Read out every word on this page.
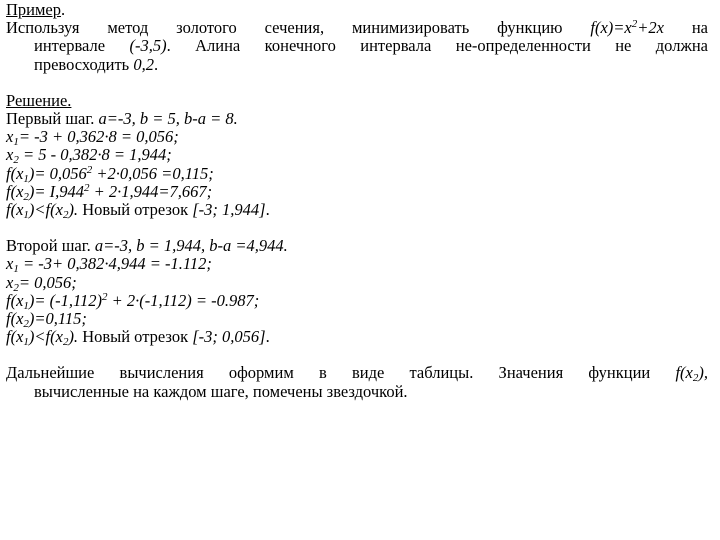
Пример.
Используя метод золотого сечения, минимизировать функцию $f(x)=x^2+2x$ на
интервале (-3,5). Алина конечного интервала не-определенности не должна
превосходить 0,2.
Решение.
Первый шаг. a=-3, b = 5, b-a = 8.
$x_1= -3 + 0,362\cdot 8 = 0,056$;
$x_2 = 5 - 0,382\cdot 8 = 1,944$;
$f(x_1)= 0,056^2 +2\cdot 0,056 =0,115$;
$f(x_2)= I,944^2 + 2\cdot 1,944=7,667$;
$f(x_1)<f(x_2)$. Новый отрезок [-3; 1,944].
Второй шаг. a=-3, b = 1,944, b-a =4,944.
$x_1 = -3+ 0,382\cdot 4,944 = -1.112$;
$x_2= 0,056$;
$f(x_1)= (-1,112)^2 + 2\cdot(-1,112) = -0.987$;
$f(x_2)=0,115$;
$f(x_1)<f(x_2)$. Новый отрезок [-3; 0,056].
Дальнейшие вычисления оформим в виде таблицы. Значения функции $f(x_2)$,
вычисленные на каждом шаге, помечены звездочкой.
